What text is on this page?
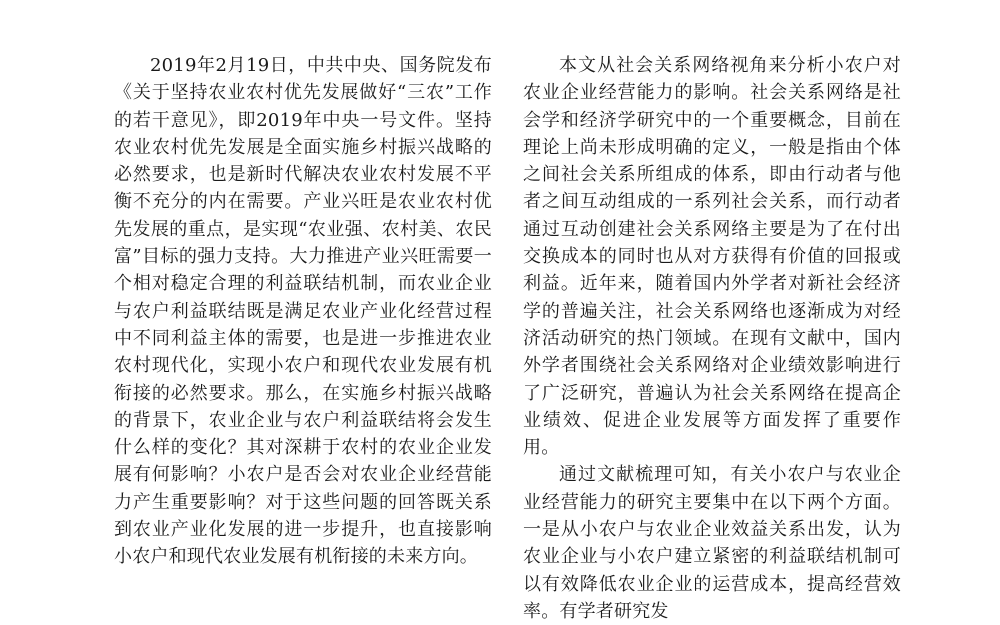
2019年2月19日，中共中央、国务院发布《关于坚持农业农村优先发展做好“三农”工作的若干意见》，即2019年中央一号文件。坚持农业农村优先发展是全面实施乡村振兴战略的必然要求，也是新时代解决农业农村发展不平衡不充分的内在需要。产业兴旺是农业农村优先发展的重点，是实现“农业强、农村美、农民富”目标的强力支持。大力推进产业兴旺需要一个相对稳定合理的利益联结机制，而农业企业与农户利益联结既是满足农业产业化经营过程中不同利益主体的需要，也是进一步推进农业农村现代化，实现小农户和现代农业发展有机衔接的必然要求。那么，在实施乡村振兴战略的背景下，农业企业与农户利益联结将会发生什么样的变化？其对深耕于农村的农业企业发展有何影响？小农户是否会对农业企业经营能力产生重要影响？对于这些问题的回答既关系到农业产业化发展的进一步提升，也直接影响小农户和现代农业发展有机衔接的未来方向。

本文从社会关系网络视角来分析小农户对农业企业经营能力的影响。社会关系网络是社会学和经济学研究中的一个重要概念，目前在理论上尚未形成明确的定义，一般是指由个体之间社会关系所组成的体系，即由行动者与他者之间互动组成的一系列社会关系，而行动者通过互动创建社会关系网络主要是为了在付出交换成本的同时也从对方获得有价值的回报或利益。近年来，随着国内外学者对新社会经济学的普遍关注，社会关系网络也逐渐成为对经济活动研究的热门领域。在现有文献中，国内外学者围绕社会关系网络对企业绩效影响进行了广泛研究，普遍认为社会关系网络在提高企业绩效、促进企业发展等方面发挥了重要作用。

通过文献梳理可知，有关小农户与农业企业经营能力的研究主要集中在以下两个方面。一是从小农户与农业企业效益关系出发，认为农业企业与小农户建立紧密的利益联结机制可以有效降低农业企业的运营成本，提高经营效率。有学者研究发
